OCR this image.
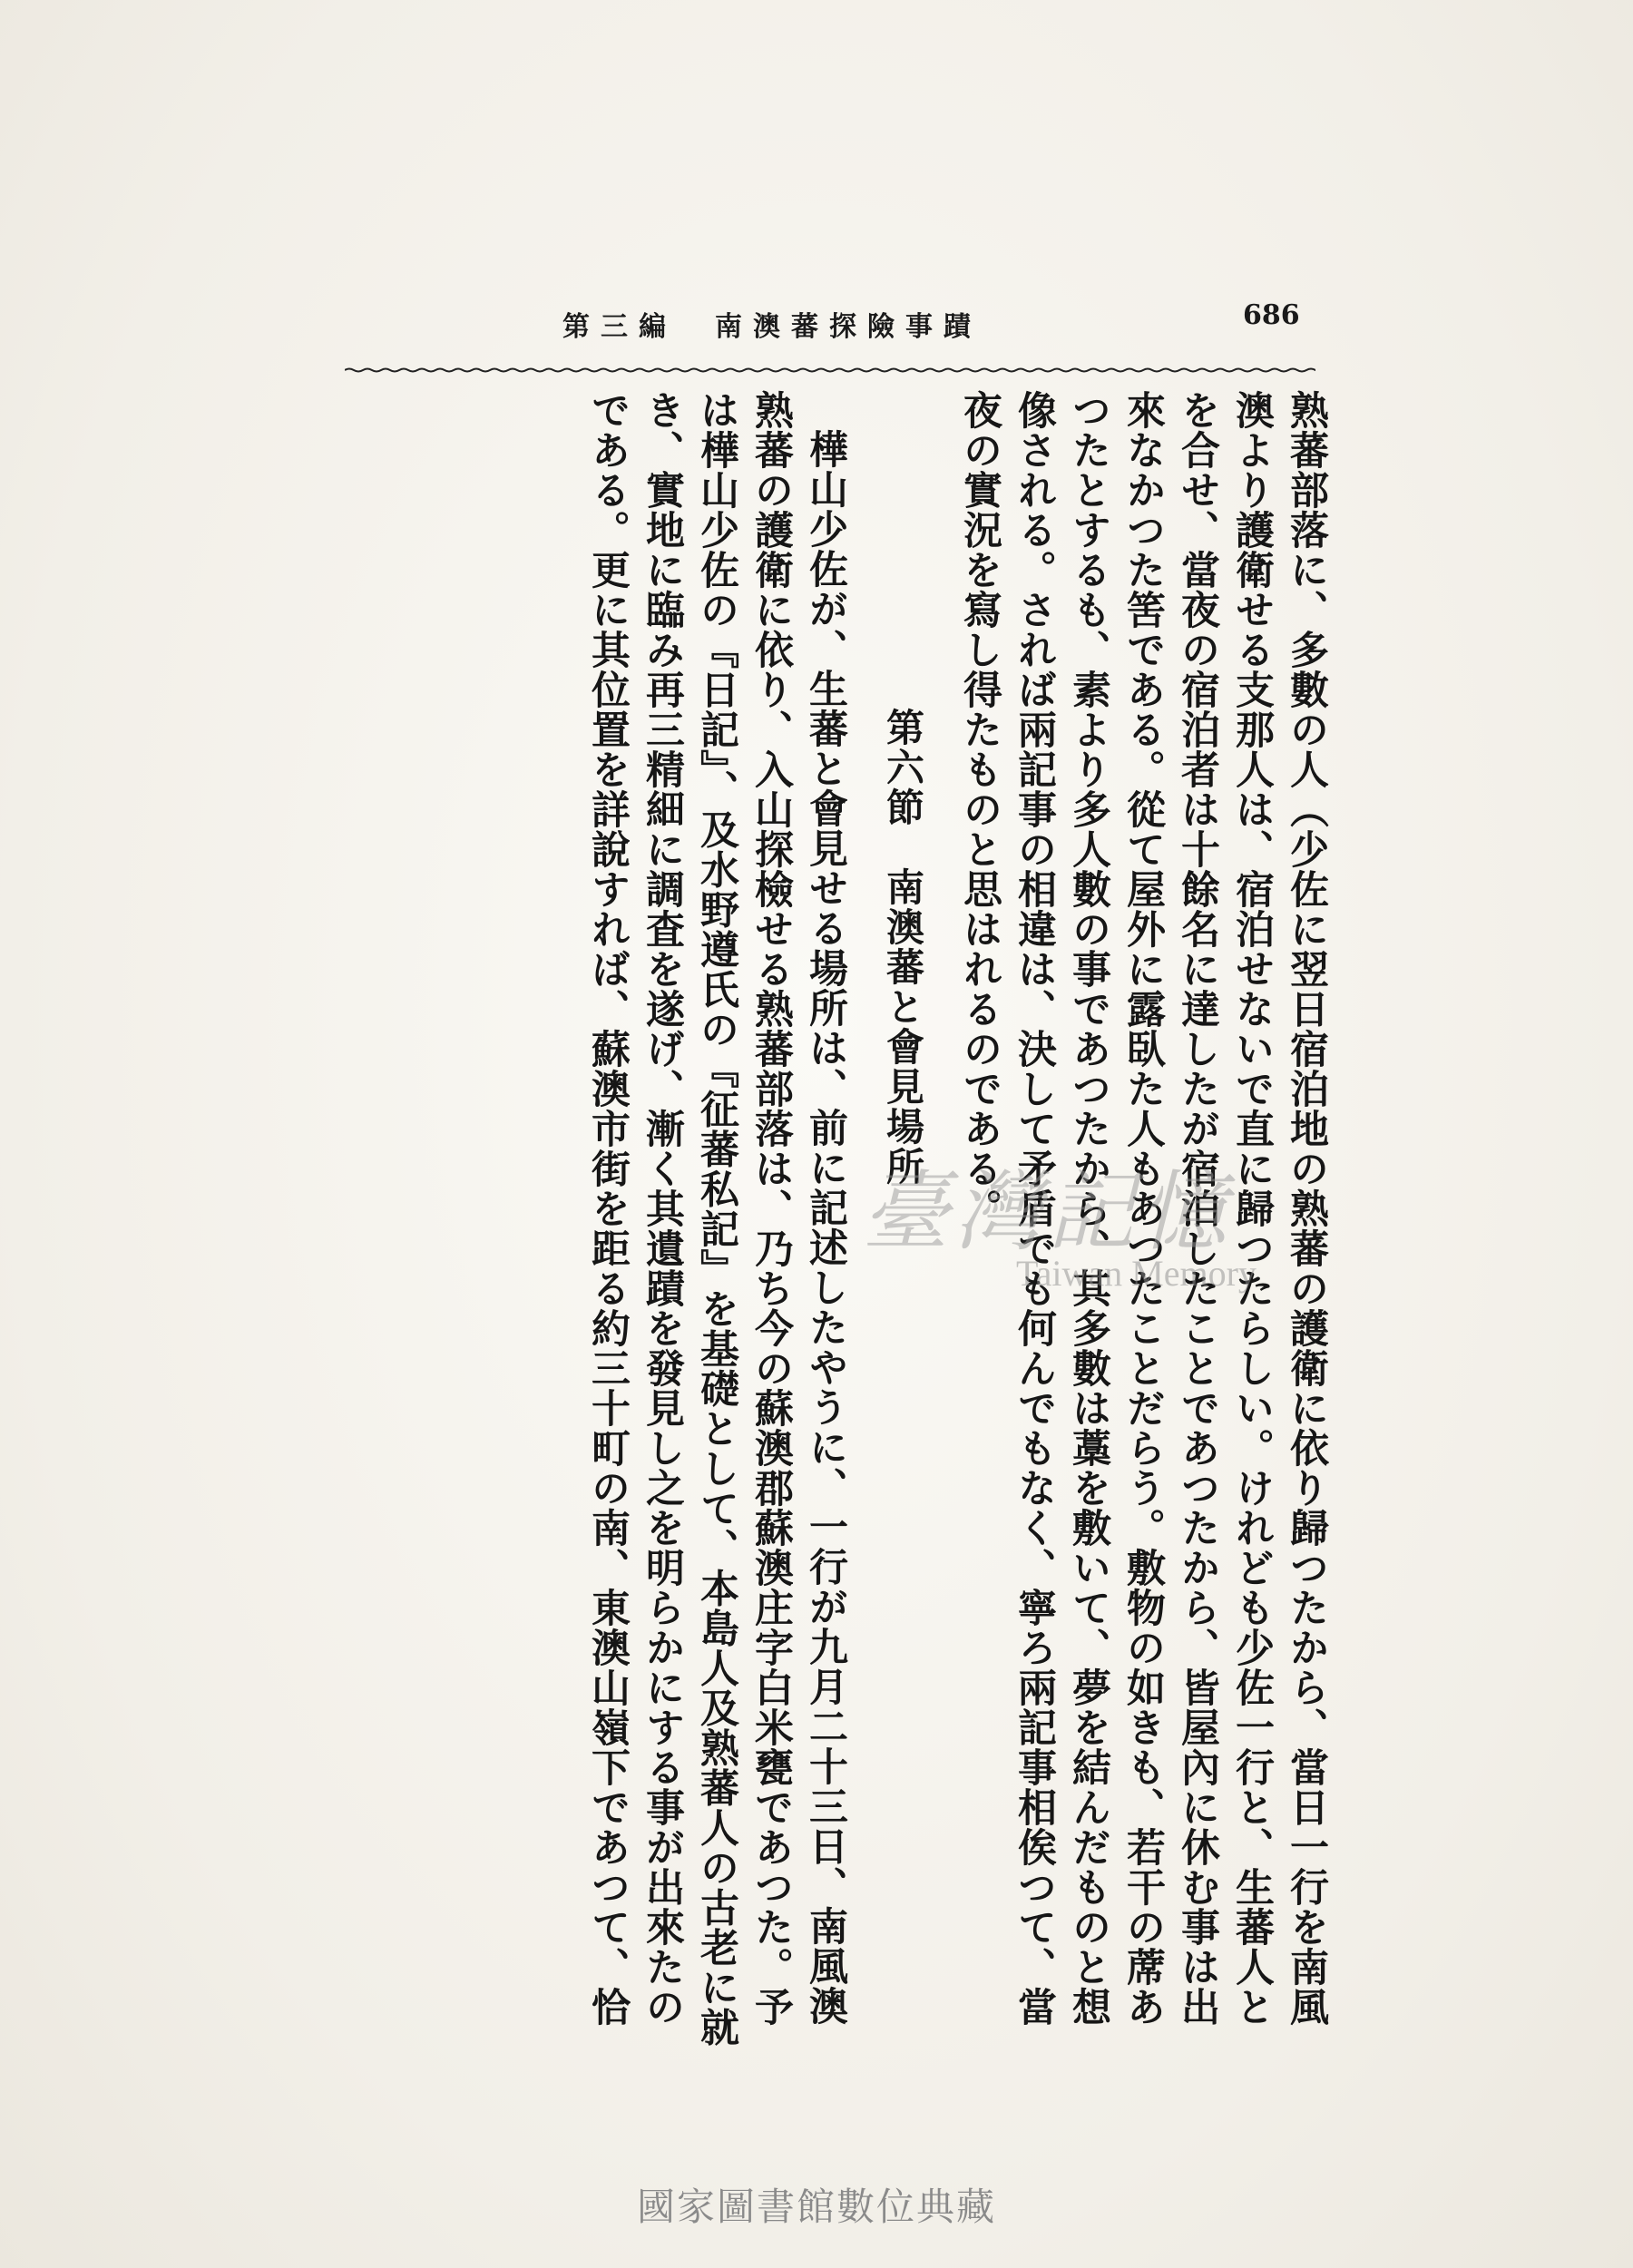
第三編　南澳蕃探險事蹟	686

熟蕃部落に、多數の人（少佐に翌日宿泊地の熟蕃の護衛に依り歸つたから、當日一行を南風澳より護衛せる支那人は、宿泊せないで直に歸つたらしい。けれども少佐一行と、生蕃人とを合せ、當夜の宿泊者は十餘名に達したが宿泊したことであつたから、皆屋內に休む事は出來なかつた筈である。從て屋外に露臥た人もあつたことだらう。敷物の如きも、若干の蓆あつたとするも、素より多人數の事であつたから、其多數は藁を敷いて、夢を結んだものと想像される。されば兩記事の相違は、決して矛盾でも何んでもなく、寧ろ兩記事相俟つて、當夜の實況を寫し得たものと思はれるのである。

第六節　南澳蕃と會見場所

樺山少佐が、生蕃と會見せる場所は、前に記述したやうに、一行が九月二十三日、南風澳熟蕃の護衛に依り、入山探檢せる熟蕃部落は、乃ち今の蘇澳郡蘇澳庄字白米甕であつた。予は樺山少佐の『日記』、及水野遵氏の『征蕃私記』を基礎として、本島人及熟蕃人の古老に就き、實地に臨み再三精細に調査を遂げ、漸く其遺蹟を發見し之を明らかにする事が出來たのである。更に其位置を詳說すれば、蘇澳市街を距る約三十町の南、東澳山嶺下であつて、恰	臺灣記憶
Taiwan Memory
國家圖書館數位典藏
